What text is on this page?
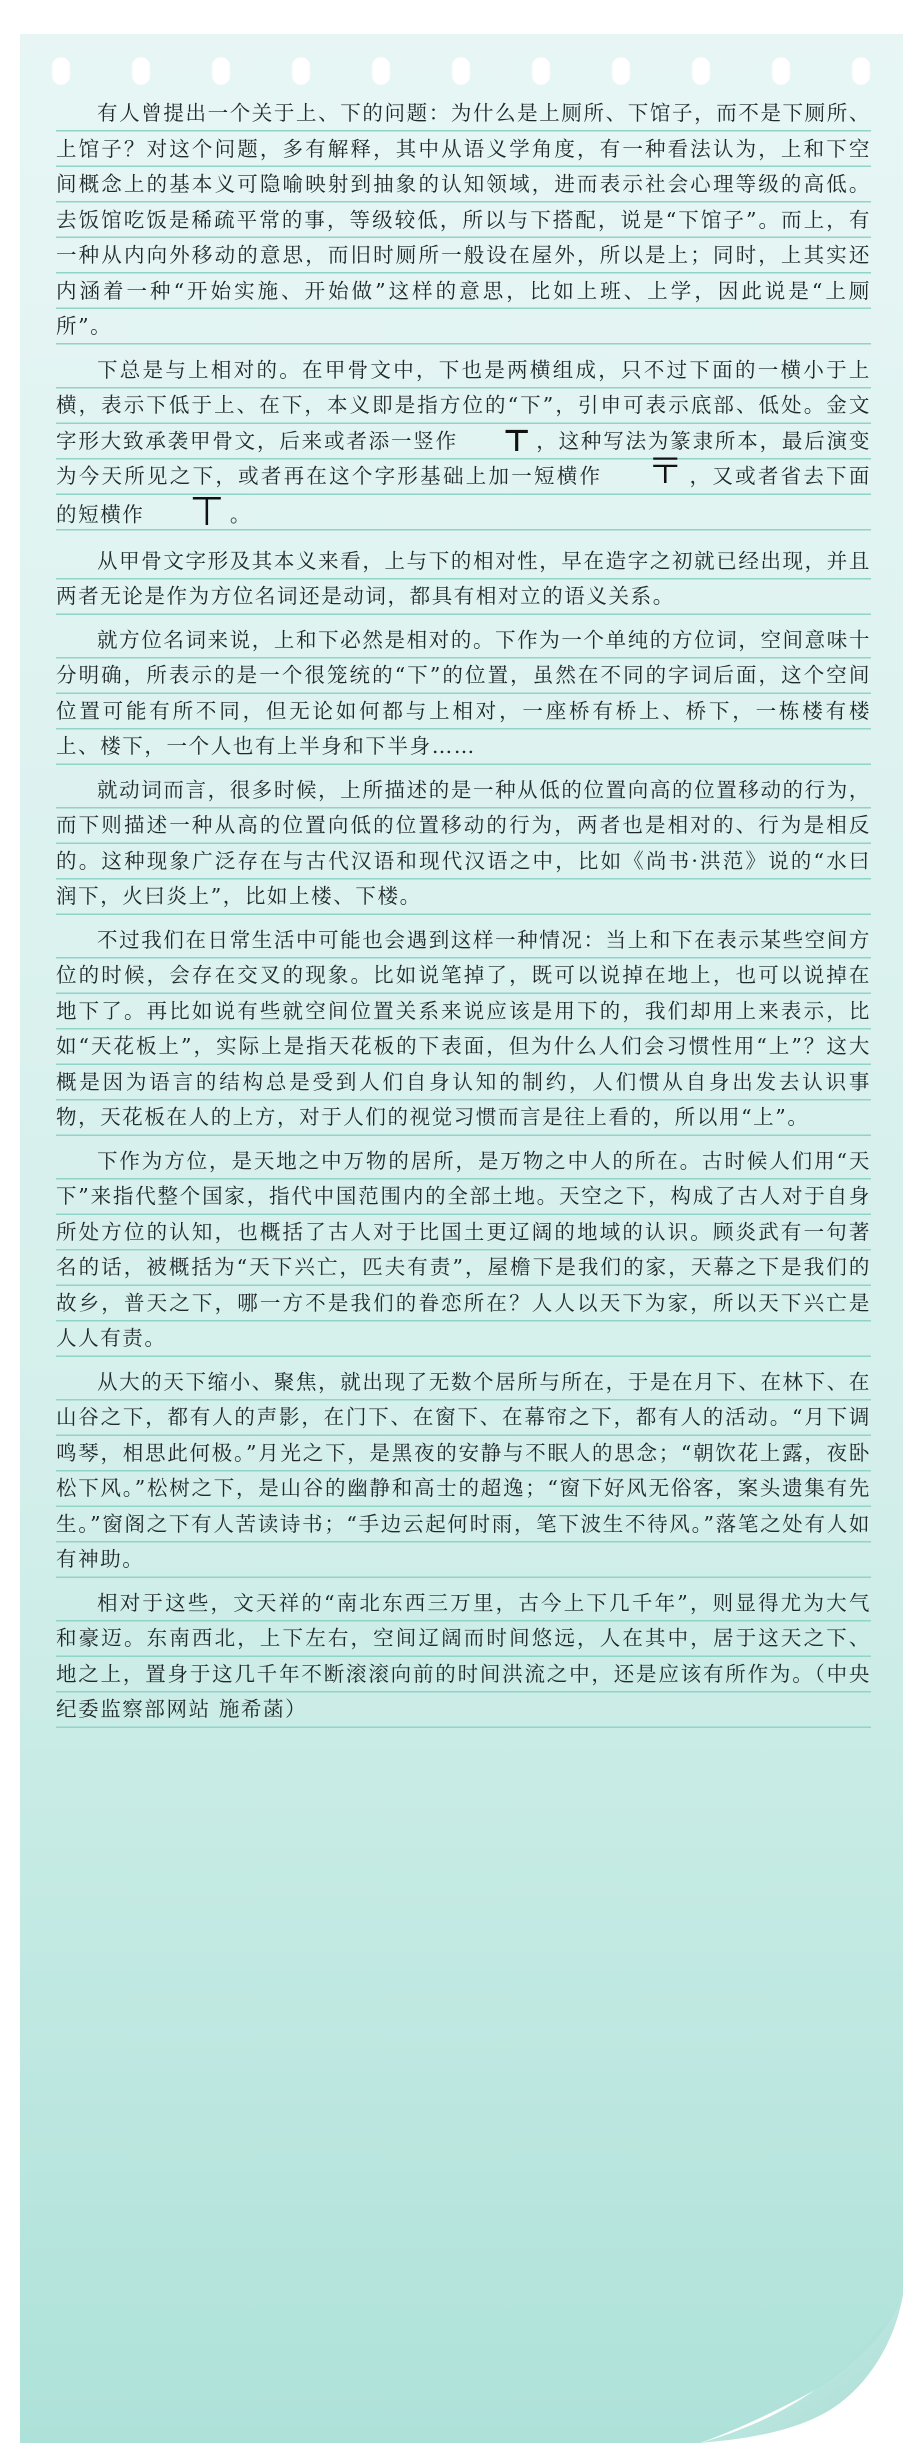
有人曾提出一个关于上、下的问题：为什么是上厕所、下馆子，而不是下厕所、上馆子？对这个问题，多有解释，其中从语义学角度，有一种看法认为，上和下空间概念上的基本义可隐喻映射到抽象的认知领域，进而表示社会心理等级的高低。去饭馆吃饭是稀疏平常的事，等级较低，所以与下搭配，说是“下馆子”。而上，有一种从内向外移动的意思，而旧时厕所一般设在屋外，所以是上；同时，上其实还内涵着一种“开始实施、开始做”这样的意思，比如上班、上学，因此说是“上厕所”。

下总是与上相对的。在甲骨文中，下也是两横组成，只不过下面的一横小于上横，表示下低于上、在下，本义即是指方位的“下”，引申可表示底部、低处。金文字形大致承袭甲骨文，后来或者添一竖作 ⊤ ，这种写法为篆隶所本，最后演变为今天所见之下，或者再在这个字形基础上加一短横作 〒 ，又或者省去下面的短横作 ⊤ 。

从甲骨文字形及其本义来看，上与下的相对性，早在造字之初就已经出现，并且两者无论是作为方位名词还是动词，都具有相对立的语义关系。

就方位名词来说，上和下必然是相对的。下作为一个单纯的方位词，空间意味十分明确，所表示的是一个很笼统的“下”的位置，虽然在不同的字词后面，这个空间位置可能有所不同，但无论如何都与上相对，一座桥有桥上、桥下，一栋楼有楼上、楼下，一个人也有上半身和下半身……

就动词而言，很多时候，上所描述的是一种从低的位置向高的位置移动的行为，而下则描述一种从高的位置向低的位置移动的行为，两者也是相对的、行为是相反的。这种现象广泛存在与古代汉语和现代汉语之中，比如《尚书·洪范》说的“水曰润下，火曰炎上”，比如上楼、下楼。

不过我们在日常生活中可能也会遇到这样一种情况：当上和下在表示某些空间方位的时候，会存在交叉的现象。比如说笔掉了，既可以说掉在地上，也可以说掉在地下了。再比如说有些就空间位置关系来说应该是用下的，我们却用上来表示，比如“天花板上”，实际上是指天花板的下表面，但为什么人们会习惯性用“上”？这大概是因为语言的结构总是受到人们自身认知的制约，人们惯从自身出发去认识事物，天花板在人的上方，对于人们的视觉习惯而言是往上看的，所以用“上”。

下作为方位，是天地之中万物的居所，是万物之中人的所在。古时候人们用“天下”来指代整个国家，指代中国范围内的全部土地。天空之下，构成了古人对于自身所处方位的认知，也概括了古人对于比国土更辽阔的地域的认识。顾炎武有一句著名的话，被概括为“天下兴亡，匹夫有责”，屋檐下是我们的家，天幕之下是我们的故乡，普天之下，哪一方不是我们的眷恋所在？人人以天下为家，所以天下兴亡是人人有责。

从大的天下缩小、聚焦，就出现了无数个居所与所在，于是在月下、在林下、在山谷之下，都有人的声影，在门下、在窗下、在幕帘之下，都有人的活动。“月下调鸣琴，相思此何极。”月光之下，是黑夜的安静与不眠人的思念；“朝饮花上露，夜卧松下风。”松树之下，是山谷的幽静和高士的超逸；“窗下好风无俗客，案头遗集有先生。”窗阁之下有人苦读诗书；“手边云起何时雨，笔下波生不待风。”落笔之处有人如有神助。

相对于这些，文天祥的“南北东西三万里，古今上下几千年”，则显得尤为大气和豪迈。东南西北，上下左右，空间辽阔而时间悠远，人在其中，居于这天之下、地之上，置身于这几千年不断滚滚向前的时间洪流之中，还是应该有所作为。（中央纪委监察部网站 施希菡）
